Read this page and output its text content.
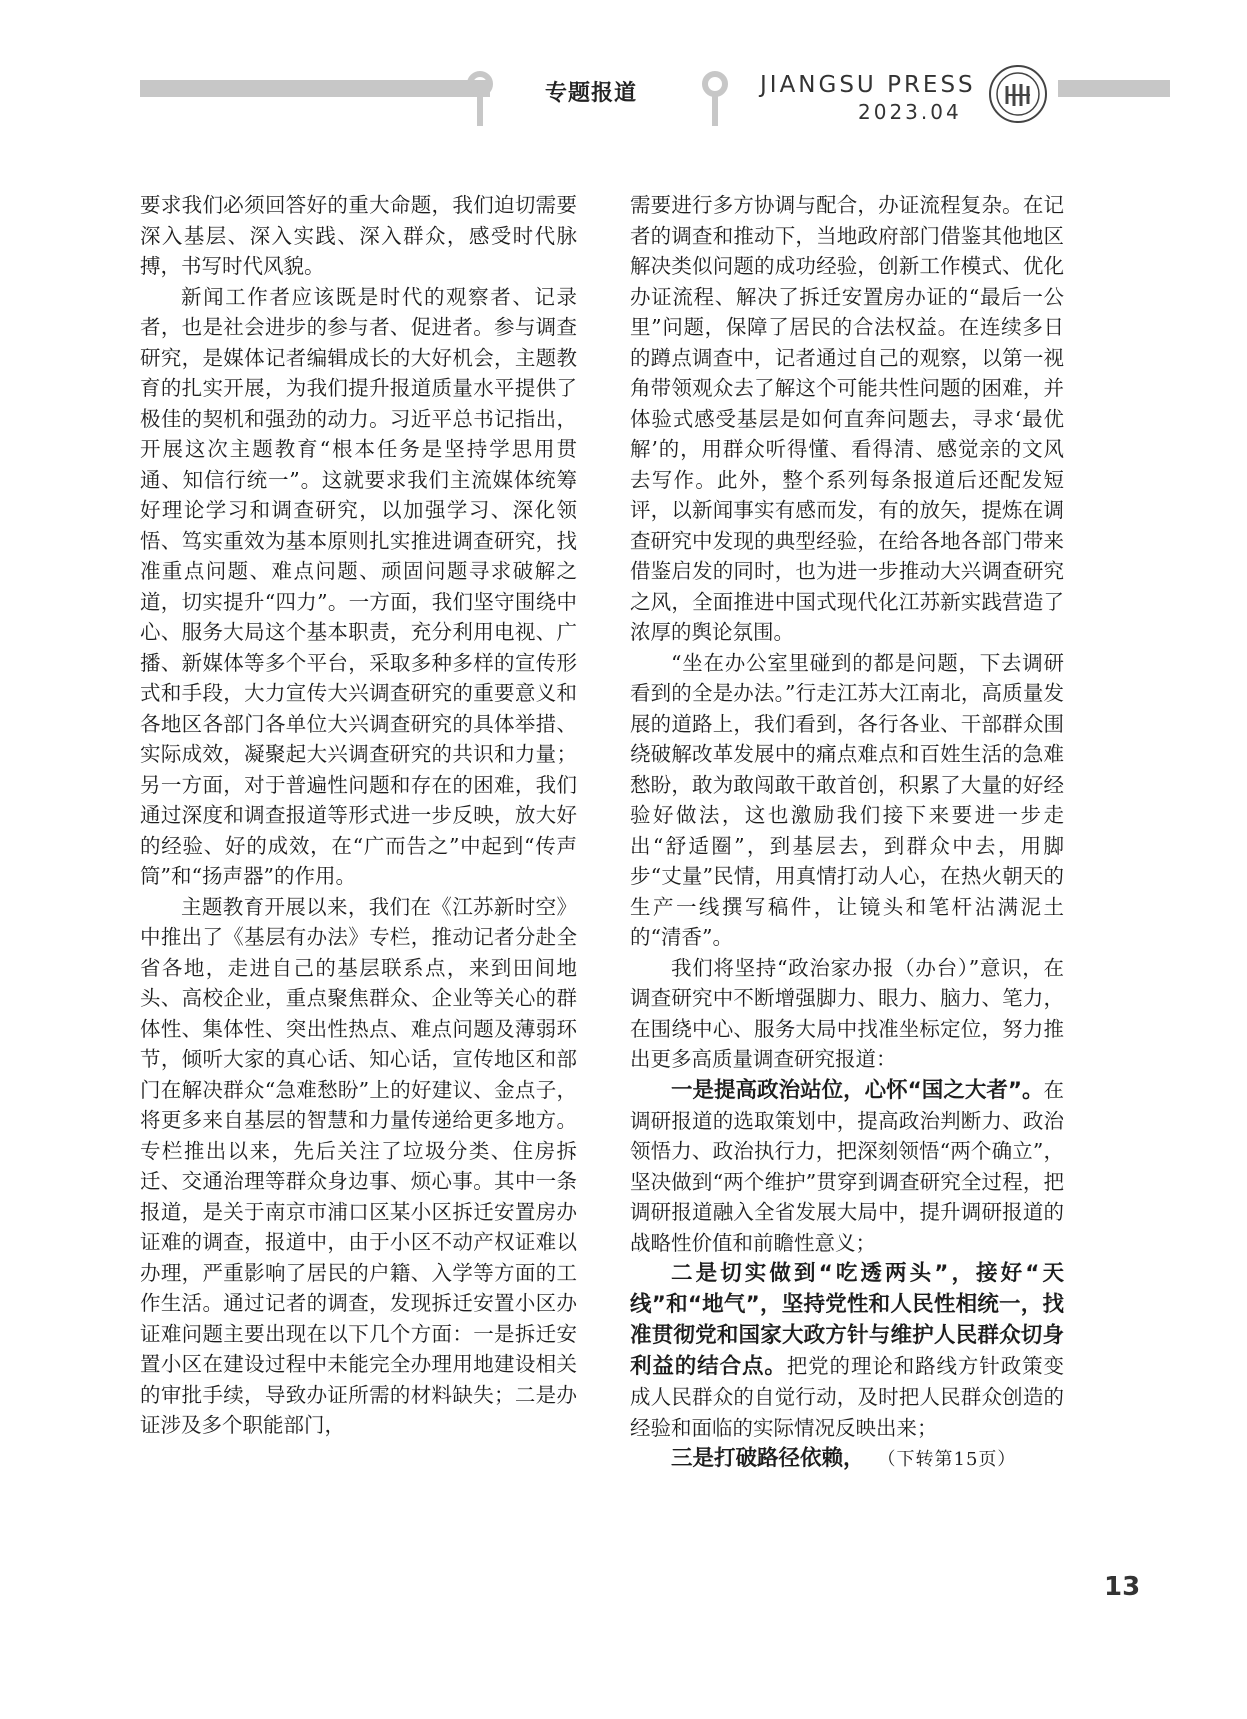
专题报道	JIANGSU PRESS
2023.04

要求我们必须回答好的重大命题，我们迫切需要深入基层、深入实践、深入群众，感受时代脉搏，书写时代风貌。

新闻工作者应该既是时代的观察者、记录者，也是社会进步的参与者、促进者。参与调查研究，是媒体记者编辑成长的大好机会，主题教育的扎实开展，为我们提升报道质量水平提供了极佳的契机和强劲的动力。习近平总书记指出，开展这次主题教育“根本任务是坚持学思用贯通、知信行统一”。这就要求我们主流媒体统筹好理论学习和调查研究，以加强学习、深化领悟、笃实重效为基本原则扎实推进调查研究，找准重点问题、难点问题、顽固问题寻求破解之道，切实提升“四力”。一方面，我们坚守围绕中心、服务大局这个基本职责，充分利用电视、广播、新媒体等多个平台，采取多种多样的宣传形式和手段，大力宣传大兴调查研究的重要意义和各地区各部门各单位大兴调查研究的具体举措、实际成效，凝聚起大兴调查研究的共识和力量；另一方面，对于普遍性问题和存在的困难，我们通过深度和调查报道等形式进一步反映，放大好的经验、好的成效，在“广而告之”中起到“传声筒”和“扬声器”的作用。

主题教育开展以来，我们在《江苏新时空》中推出了《基层有办法》专栏，推动记者分赴全省各地，走进自己的基层联系点，来到田间地头、高校企业，重点聚焦群众、企业等关心的群体性、集体性、突出性热点、难点问题及薄弱环节，倾听大家的真心话、知心话，宣传地区和部门在解决群众“急难愁盼”上的好建议、金点子，将更多来自基层的智慧和力量传递给更多地方。专栏推出以来，先后关注了垃圾分类、住房拆迁、交通治理等群众身边事、烦心事。其中一条报道，是关于南京市浦口区某小区拆迁安置房办证难的调查，报道中，由于小区不动产权证难以办理，严重影响了居民的户籍、入学等方面的工作生活。通过记者的调查，发现拆迁安置小区办证难问题主要出现在以下几个方面：一是拆迁安置小区在建设过程中未能完全办理用地建设相关的审批手续，导致办证所需的材料缺失；二是办证涉及多个职能部门，

需要进行多方协调与配合，办证流程复杂。在记者的调查和推动下，当地政府部门借鉴其他地区解决类似问题的成功经验，创新工作模式、优化办证流程、解决了拆迁安置房办证的“最后一公里”问题，保障了居民的合法权益。在连续多日的蹲点调查中，记者通过自己的观察，以第一视角带领观众去了解这个可能共性问题的困难，并体验式感受基层是如何直奔问题去，寻求‘最优解’的，用群众听得懂、看得清、感觉亲的文风去写作。此外，整个系列每条报道后还配发短评，以新闻事实有感而发，有的放矢，提炼在调查研究中发现的典型经验，在给各地各部门带来借鉴启发的同时，也为进一步推动大兴调查研究之风，全面推进中国式现代化江苏新实践营造了浓厚的舆论氛围。

“坐在办公室里碰到的都是问题，下去调研看到的全是办法。”行走江苏大江南北，高质量发展的道路上，我们看到，各行各业、干部群众围绕破解改革发展中的痛点难点和百姓生活的急难愁盼，敢为敢闯敢干敢首创，积累了大量的好经验好做法，这也激励我们接下来要进一步走出“舒适圈”，到基层去，到群众中去，用脚步“丈量”民情，用真情打动人心，在热火朝天的生产一线撰写稿件，让镜头和笔杆沾满泥土的“清香”。

我们将坚持“政治家办报（办台）”意识，在调查研究中不断增强脚力、眼力、脑力、笔力，在围绕中心、服务大局中找准坐标定位，努力推出更多高质量调查研究报道：

一是提高政治站位，心怀“国之大者”。在调研报道的选取策划中，提高政治判断力、政治领悟力、政治执行力，把深刻领悟“两个确立”，坚决做到“两个维护”贯穿到调查研究全过程，把调研报道融入全省发展大局中，提升调研报道的战略性价值和前瞻性意义；

二是切实做到“吃透两头”，接好“天线”和“地气”，坚持党性和人民性相统一，找准贯彻党和国家大政方针与维护人民群众切身利益的结合点。把党的理论和路线方针政策变成人民群众的自觉行动，及时把人民群众创造的经验和面临的实际情况反映出来；

三是打破路径依赖， （下转第15页）

13
